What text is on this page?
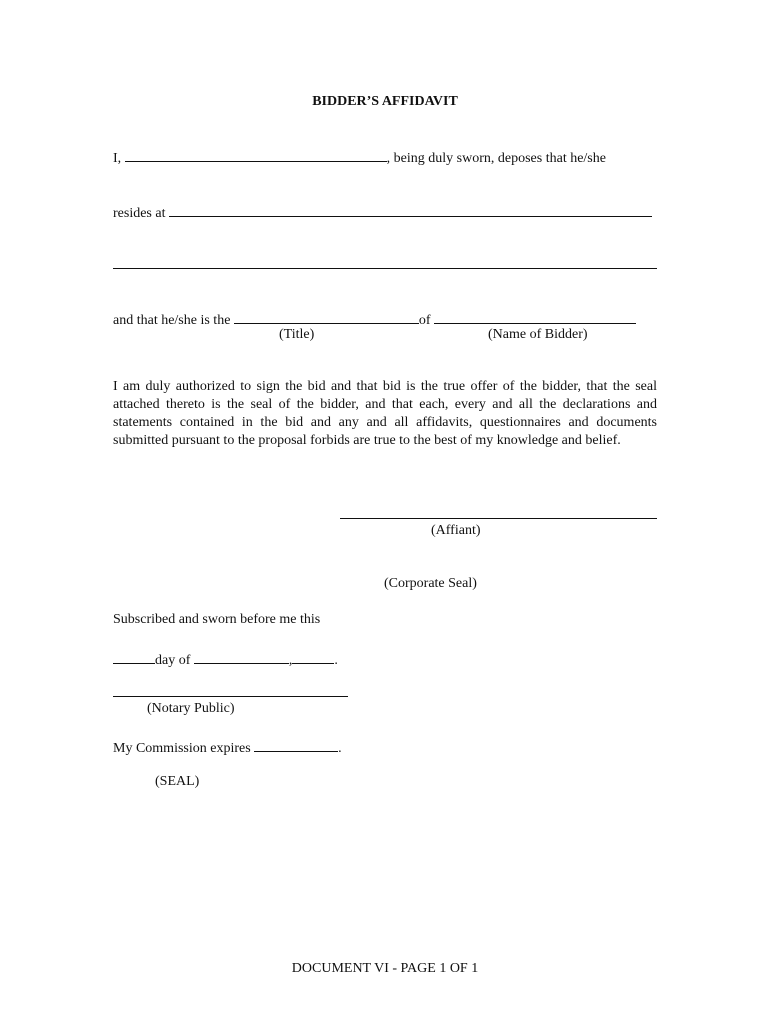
BIDDER’S AFFIDAVIT
I,	, being duly sworn, deposes that he/she
resides at
and that he/she is the	of
(Title)	(Name of Bidder)
I am duly authorized to sign the bid and that bid is the true offer of the bidder, that the seal attached thereto is the seal of the bidder, and that each, every and all the declarations and statements contained in the bid and any and all affidavits, questionnaires and documents submitted pursuant to the proposal forbids are true to the best of my knowledge and belief.
(Affiant)
(Corporate Seal)
Subscribed and sworn before me this
day of	,	.
(Notary Public)
My Commission expires	.
(SEAL)
DOCUMENT VI - PAGE 1 OF 1
